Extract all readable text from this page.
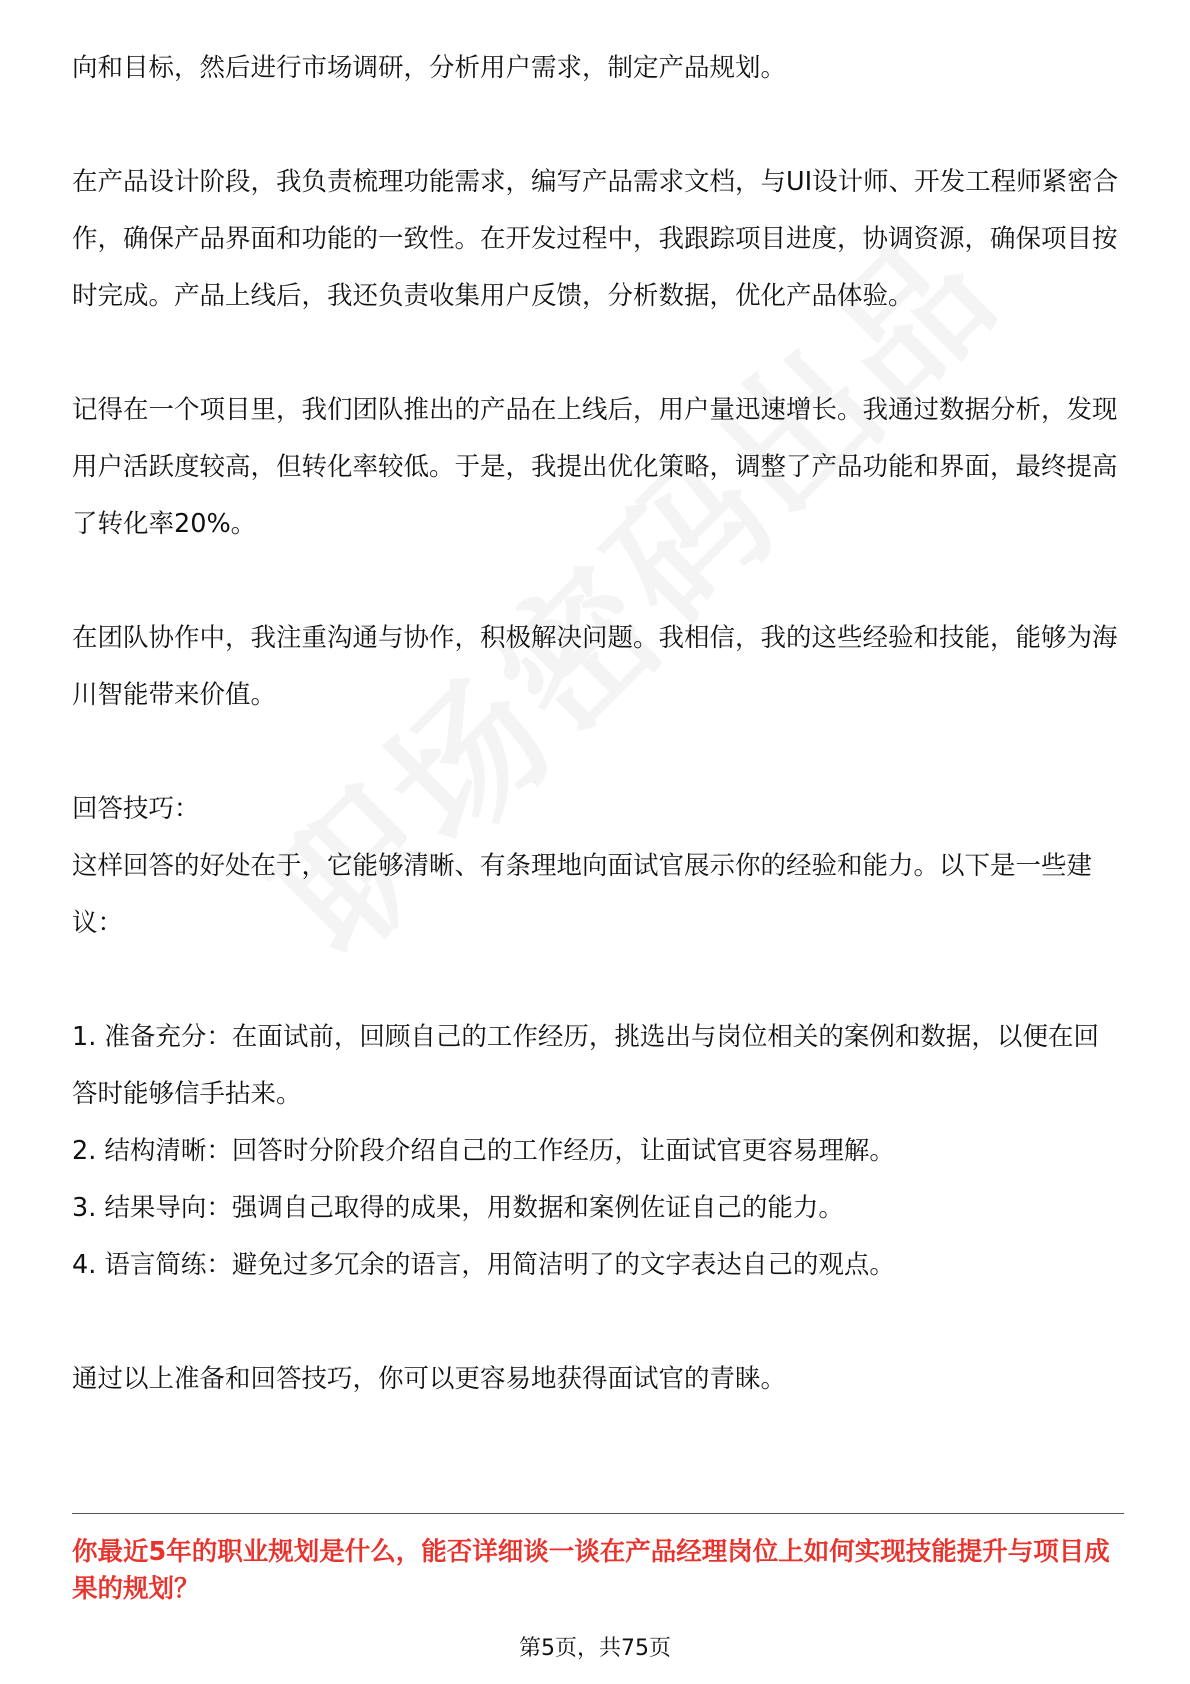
向和目标，然后进行市场调研，分析用户需求，制定产品规划。

在产品设计阶段，我负责梳理功能需求，编写产品需求文档，与UI设计师、开发工程师紧密合作，确保产品界面和功能的一致性。在开发过程中，我跟踪项目进度，协调资源，确保项目按时完成。产品上线后，我还负责收集用户反馈，分析数据，优化产品体验。

记得在一个项目里，我们团队推出的产品在上线后，用户量迅速增长。我通过数据分析，发现用户活跃度较高，但转化率较低。于是，我提出优化策略，调整了产品功能和界面，最终提高了转化率20%。

在团队协作中，我注重沟通与协作，积极解决问题。我相信，我的这些经验和技能，能够为海川智能带来价值。

回答技巧：

这样回答的好处在于，它能够清晰、有条理地向面试官展示你的经验和能力。以下是一些建议：

1. 准备充分：在面试前，回顾自己的工作经历，挑选出与岗位相关的案例和数据，以便在回答时能够信手拈来。

2. 结构清晰：回答时分阶段介绍自己的工作经历，让面试官更容易理解。

3. 结果导向：强调自己取得的成果，用数据和案例佐证自己的能力。

4. 语言简练：避免过多冗余的语言，用简洁明了的文字表达自己的观点。

通过以上准备和回答技巧，你可以更容易地获得面试官的青睐。

你最近5年的职业规划是什么，能否详细谈一谈在产品经理岗位上如何实现技能提升与项目成果的规划？

第5页，共75页
